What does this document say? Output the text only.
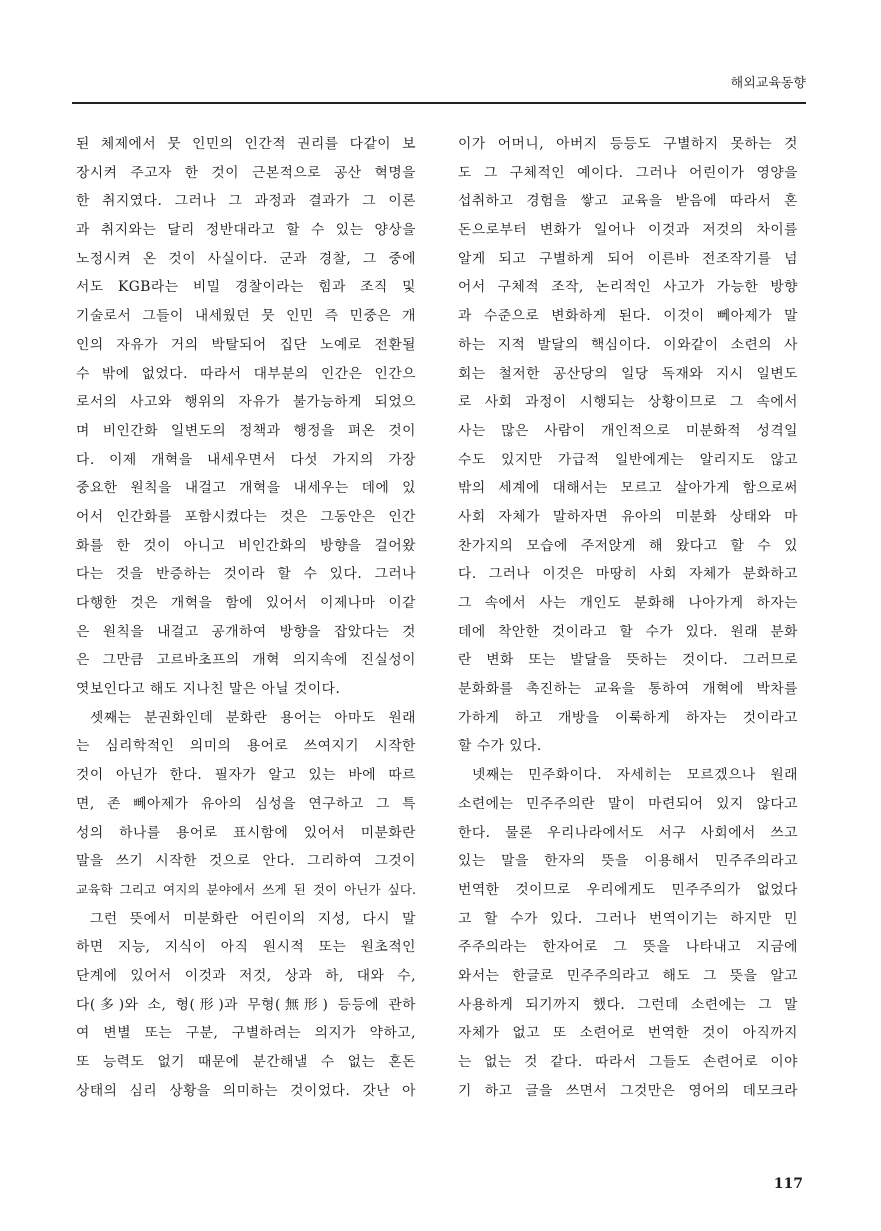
해외교육동향
된 체제에서 뭇 인민의 인간적 권리를 다같이 보
장시켜 주고자 한 것이 근본적으로 공산 혁명을
한 취지였다. 그러나 그 과정과 결과가 그 이론
과 취지와는 달리 정반대라고 할 수 있는 양상을
노정시켜 온 것이 사실이다. 군과 경찰, 그 중에
서도 KGB라는 비밀 경찰이라는 힘과 조직 및
기술로서 그들이 내세웠던 뭇 인민 즉 민중은 개
인의 자유가 거의 박탈되어 집단 노예로 전환될
수 밖에 없었다. 따라서 대부분의 인간은 인간으
로서의 사고와 행위의 자유가 불가능하게 되었으
며 비인간화 일변도의 정책과 행정을 펴온 것이
다. 이제 개혁을 내세우면서 다섯 가지의 가장
중요한 원칙을 내걸고 개혁을 내세우는 데에 있
어서 인간화를 포함시켰다는 것은 그동안은 인간
화를 한 것이 아니고 비인간화의 방향을 걸어왔
다는 것을 반증하는 것이라 할 수 있다. 그러나
다행한 것은 개혁을 함에 있어서 이제나마 이같
은 원칙을 내걸고 공개하여 방향을 잡았다는 것
은 그만큼 고르바초프의 개혁 의지속에 진실성이
엿보인다고 해도 지나친 말은 아닐 것이다.
셋째는 분권화인데 분화란 용어는 아마도 원래
는 심리학적인 의미의 용어로 쓰여지기 시작한
것이 아닌가 한다. 필자가 알고 있는 바에 따르
면, 존 뻬아제가 유아의 심성을 연구하고 그 특
성의 하나를 용어로 표시함에 있어서 미분화란
말을 쓰기 시작한 것으로 안다. 그리하여 그것이
교육학 그리고 여지의 분야에서 쓰게 된 것이 아닌가 싶다.
그런 뜻에서 미분화란 어린이의 지성, 다시 말
하면 지능, 지식이 아직 원시적 또는 원초적인
단계에 있어서 이것과 저것, 상과 하, 대와 수,
다(多)와 소, 형(形)과 무형(無形) 등등에 관하
여 변별 또는 구분, 구별하려는 의지가 약하고,
또 능력도 없기 때문에 분간해낼 수 없는 혼돈
상태의 심리 상황을 의미하는 것이었다. 갓난 아
이가 어머니, 아버지 등등도 구별하지 못하는 것
도 그 구체적인 예이다. 그러나 어린이가 영양을
섭취하고 경험을 쌓고 교육을 받음에 따라서 혼
돈으로부터 변화가 일어나 이것과 저것의 차이를
알게 되고 구별하게 되어 이른바 전조작기를 넘
어서 구체적 조작, 논리적인 사고가 가능한 방향
과 수준으로 변화하게 된다. 이것이 뻬아제가 말
하는 지적 발달의 핵심이다. 이와같이 소련의 사
회는 철저한 공산당의 일당 독재와 지시 일변도
로 사회 과정이 시행되는 상황이므로 그 속에서
사는 많은 사람이 개인적으로 미분화적 성격일
수도 있지만 가급적 일반에게는 알리지도 않고
밖의 세계에 대해서는 모르고 살아가게 함으로써
사회 자체가 말하자면 유아의 미분화 상태와 마
찬가지의 모습에 주저앉게 해 왔다고 할 수 있
다. 그러나 이것은 마땅히 사회 자체가 분화하고
그 속에서 사는 개인도 분화해 나아가게 하자는
데에 착안한 것이라고 할 수가 있다. 원래 분화
란 변화 또는 발달을 뜻하는 것이다. 그러므로
분화화를 촉진하는 교육을 통하여 개혁에 박차를
가하게 하고 개방을 이룩하게 하자는 것이라고
할 수가 있다.
넷째는 민주화이다. 자세히는 모르겠으나 원래
소련에는 민주주의란 말이 마련되어 있지 않다고
한다. 물론 우리나라에서도 서구 사회에서 쓰고
있는 말을 한자의 뜻을 이용해서 민주주의라고
번역한 것이므로 우리에게도 민주주의가 없었다
고 할 수가 있다. 그러나 번역이기는 하지만 민
주주의라는 한자어로 그 뜻을 나타내고 지금에
와서는 한글로 민주주의라고 해도 그 뜻을 알고
사용하게 되기까지 했다. 그런데 소련에는 그 말
자체가 없고 또 소련어로 번역한 것이 아직까지
는 없는 것 같다. 따라서 그들도 손련어로 이야
기 하고 글을 쓰면서 그것만은 영어의 데모크라
117
